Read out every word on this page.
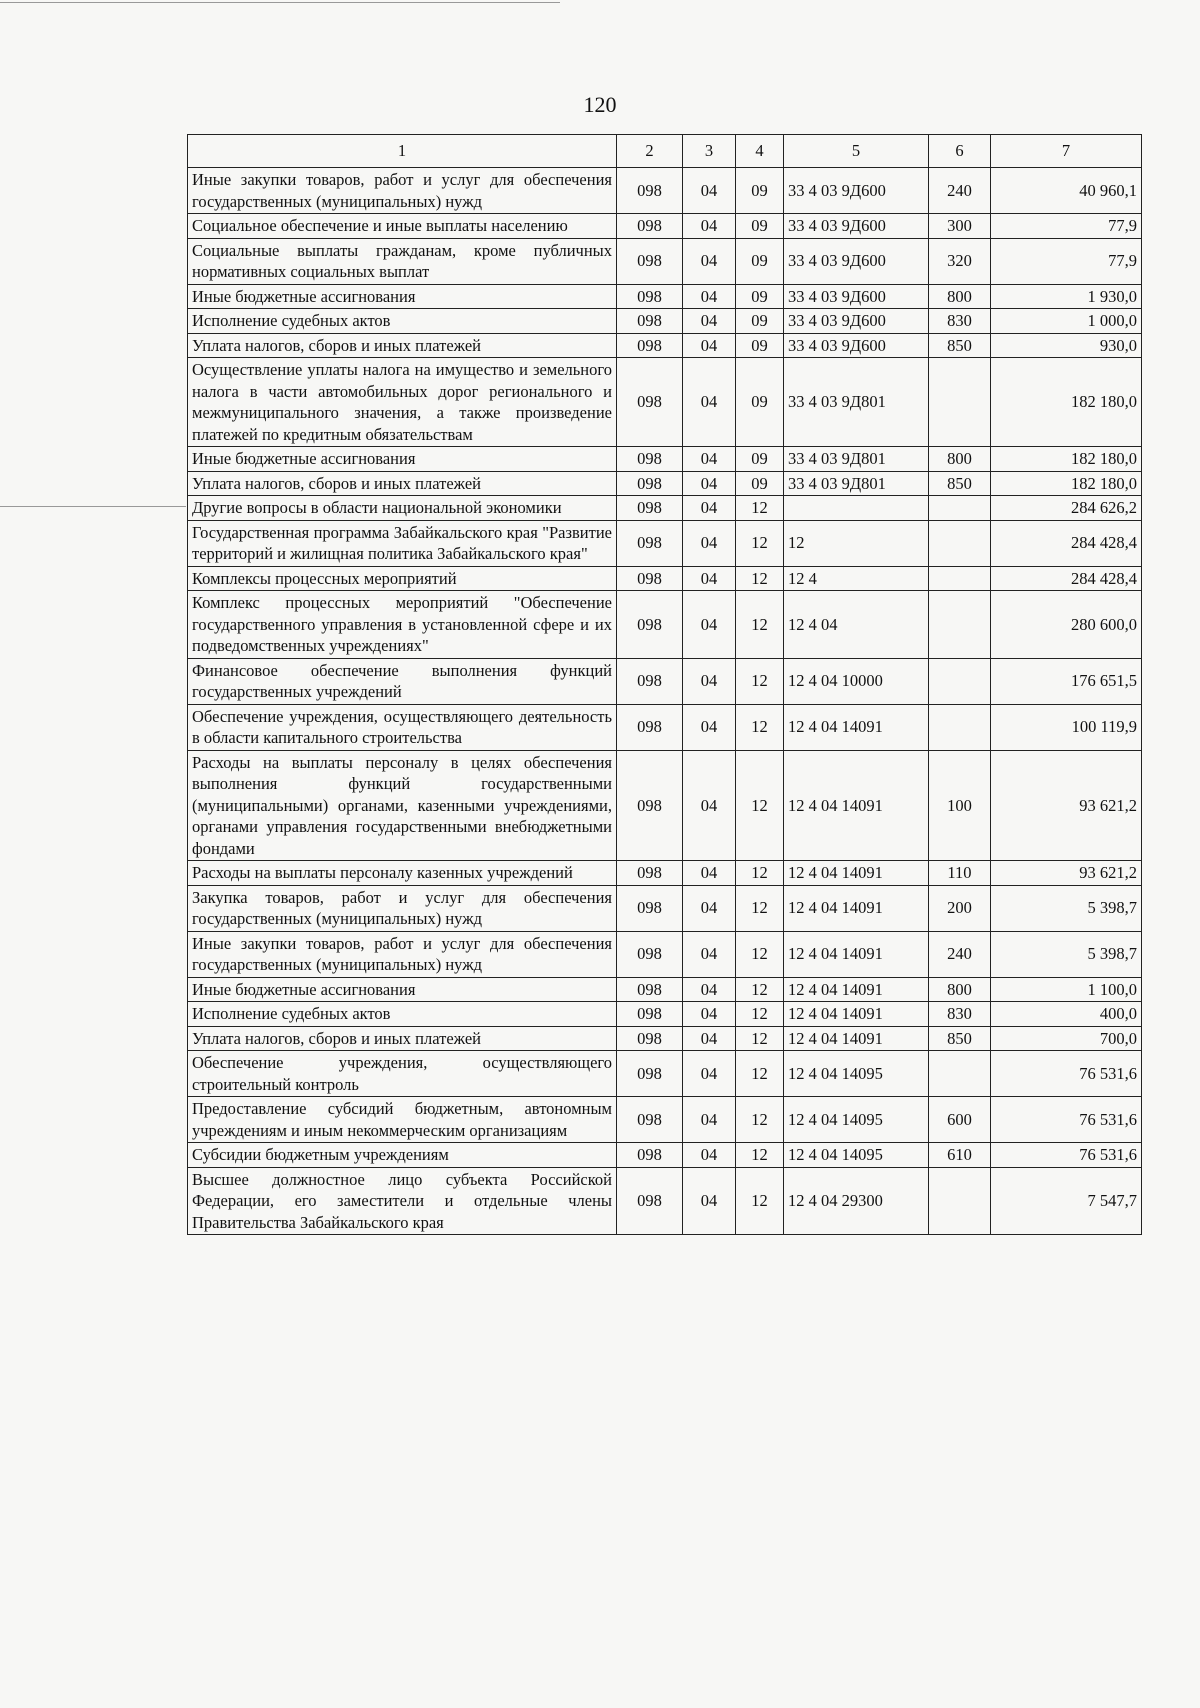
120
1	2	3	4	5	6	7
Иные закупки товаров, работ и услуг для обеспечения государственных (муниципальных) нужд	098	04	09	33 4 03 9Д600	240	40 960,1
Социальное обеспечение и иные выплаты населению	098	04	09	33 4 03 9Д600	300	77,9
Социальные выплаты гражданам, кроме публичных нормативных социальных выплат	098	04	09	33 4 03 9Д600	320	77,9
Иные бюджетные ассигнования	098	04	09	33 4 03 9Д600	800	1 930,0
Исполнение судебных актов	098	04	09	33 4 03 9Д600	830	1 000,0
Уплата налогов, сборов и иных платежей	098	04	09	33 4 03 9Д600	850	930,0
Осуществление уплаты налога на имущество и земельного налога в части автомобильных дорог регионального и межмуниципального значения, а также произведение платежей по кредитным обязательствам	098	04	09	33 4 03 9Д801		182 180,0
Иные бюджетные ассигнования	098	04	09	33 4 03 9Д801	800	182 180,0
Уплата налогов, сборов и иных платежей	098	04	09	33 4 03 9Д801	850	182 180,0
Другие вопросы в области национальной экономики	098	04	12			284 626,2
Государственная программа Забайкальского края "Развитие территорий и жилищная политика Забайкальского края"	098	04	12	12		284 428,4
Комплексы процессных мероприятий	098	04	12	12 4		284 428,4
Комплекс процессных мероприятий "Обеспечение государственного управления в установленной сфере и их подведомственных учреждениях"	098	04	12	12 4 04		280 600,0
Финансовое обеспечение выполнения функций государственных учреждений	098	04	12	12 4 04 10000		176 651,5
Обеспечение учреждения, осуществляющего деятельность в области капитального строительства	098	04	12	12 4 04 14091		100 119,9
Расходы на выплаты персоналу в целях обеспечения выполнения функций государственными (муниципальными) органами, казенными учреждениями, органами управления государственными внебюджетными фондами	098	04	12	12 4 04 14091	100	93 621,2
Расходы на выплаты персоналу казенных учреждений	098	04	12	12 4 04 14091	110	93 621,2
Закупка товаров, работ и услуг для обеспечения государственных (муниципальных) нужд	098	04	12	12 4 04 14091	200	5 398,7
Иные закупки товаров, работ и услуг для обеспечения государственных (муниципальных) нужд	098	04	12	12 4 04 14091	240	5 398,7
Иные бюджетные ассигнования	098	04	12	12 4 04 14091	800	1 100,0
Исполнение судебных актов	098	04	12	12 4 04 14091	830	400,0
Уплата налогов, сборов и иных платежей	098	04	12	12 4 04 14091	850	700,0
Обеспечение учреждения, осуществляющего строительный контроль	098	04	12	12 4 04 14095		76 531,6
Предоставление субсидий бюджетным, автономным учреждениям и иным некоммерческим организациям	098	04	12	12 4 04 14095	600	76 531,6
Субсидии бюджетным учреждениям	098	04	12	12 4 04 14095	610	76 531,6
Высшее должностное лицо субъекта Российской Федерации, его заместители и отдельные члены Правительства Забайкальского края	098	04	12	12 4 04 29300		7 547,7
